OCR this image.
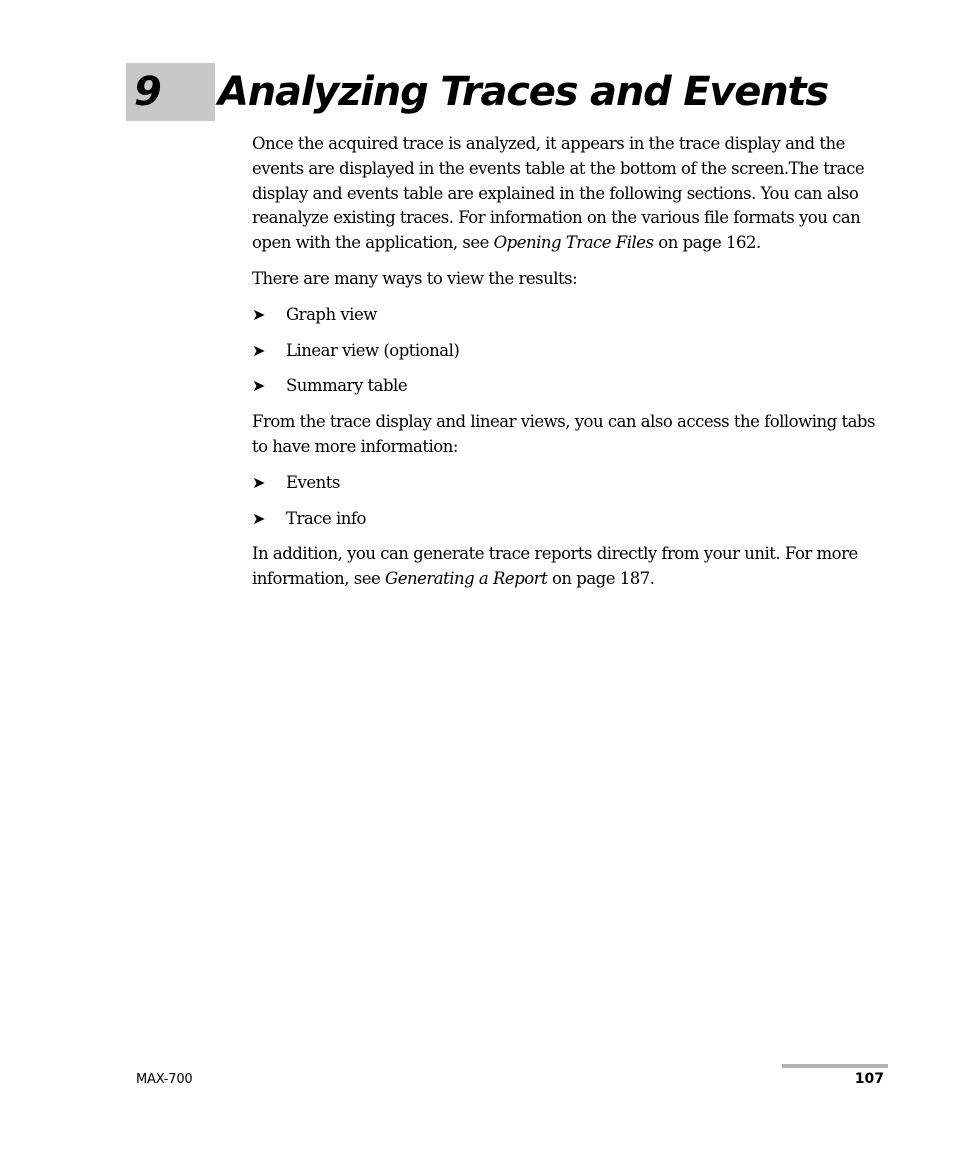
9 Analyzing Traces and Events

Once the acquired trace is analyzed, it appears in the trace display and the events are displayed in the events table at the bottom of the screen.The trace display and events table are explained in the following sections. You can also reanalyze existing traces. For information on the various file formats you can open with the application, see Opening Trace Files on page 162.

There are many ways to view the results:

➤	Graph view
➤	Linear view (optional)
➤	Summary table

From the trace display and linear views, you can also access the following tabs to have more information:

➤	Events
➤	Trace info

In addition, you can generate trace reports directly from your unit. For more information, see Generating a Report on page 187.

MAX-700	107
